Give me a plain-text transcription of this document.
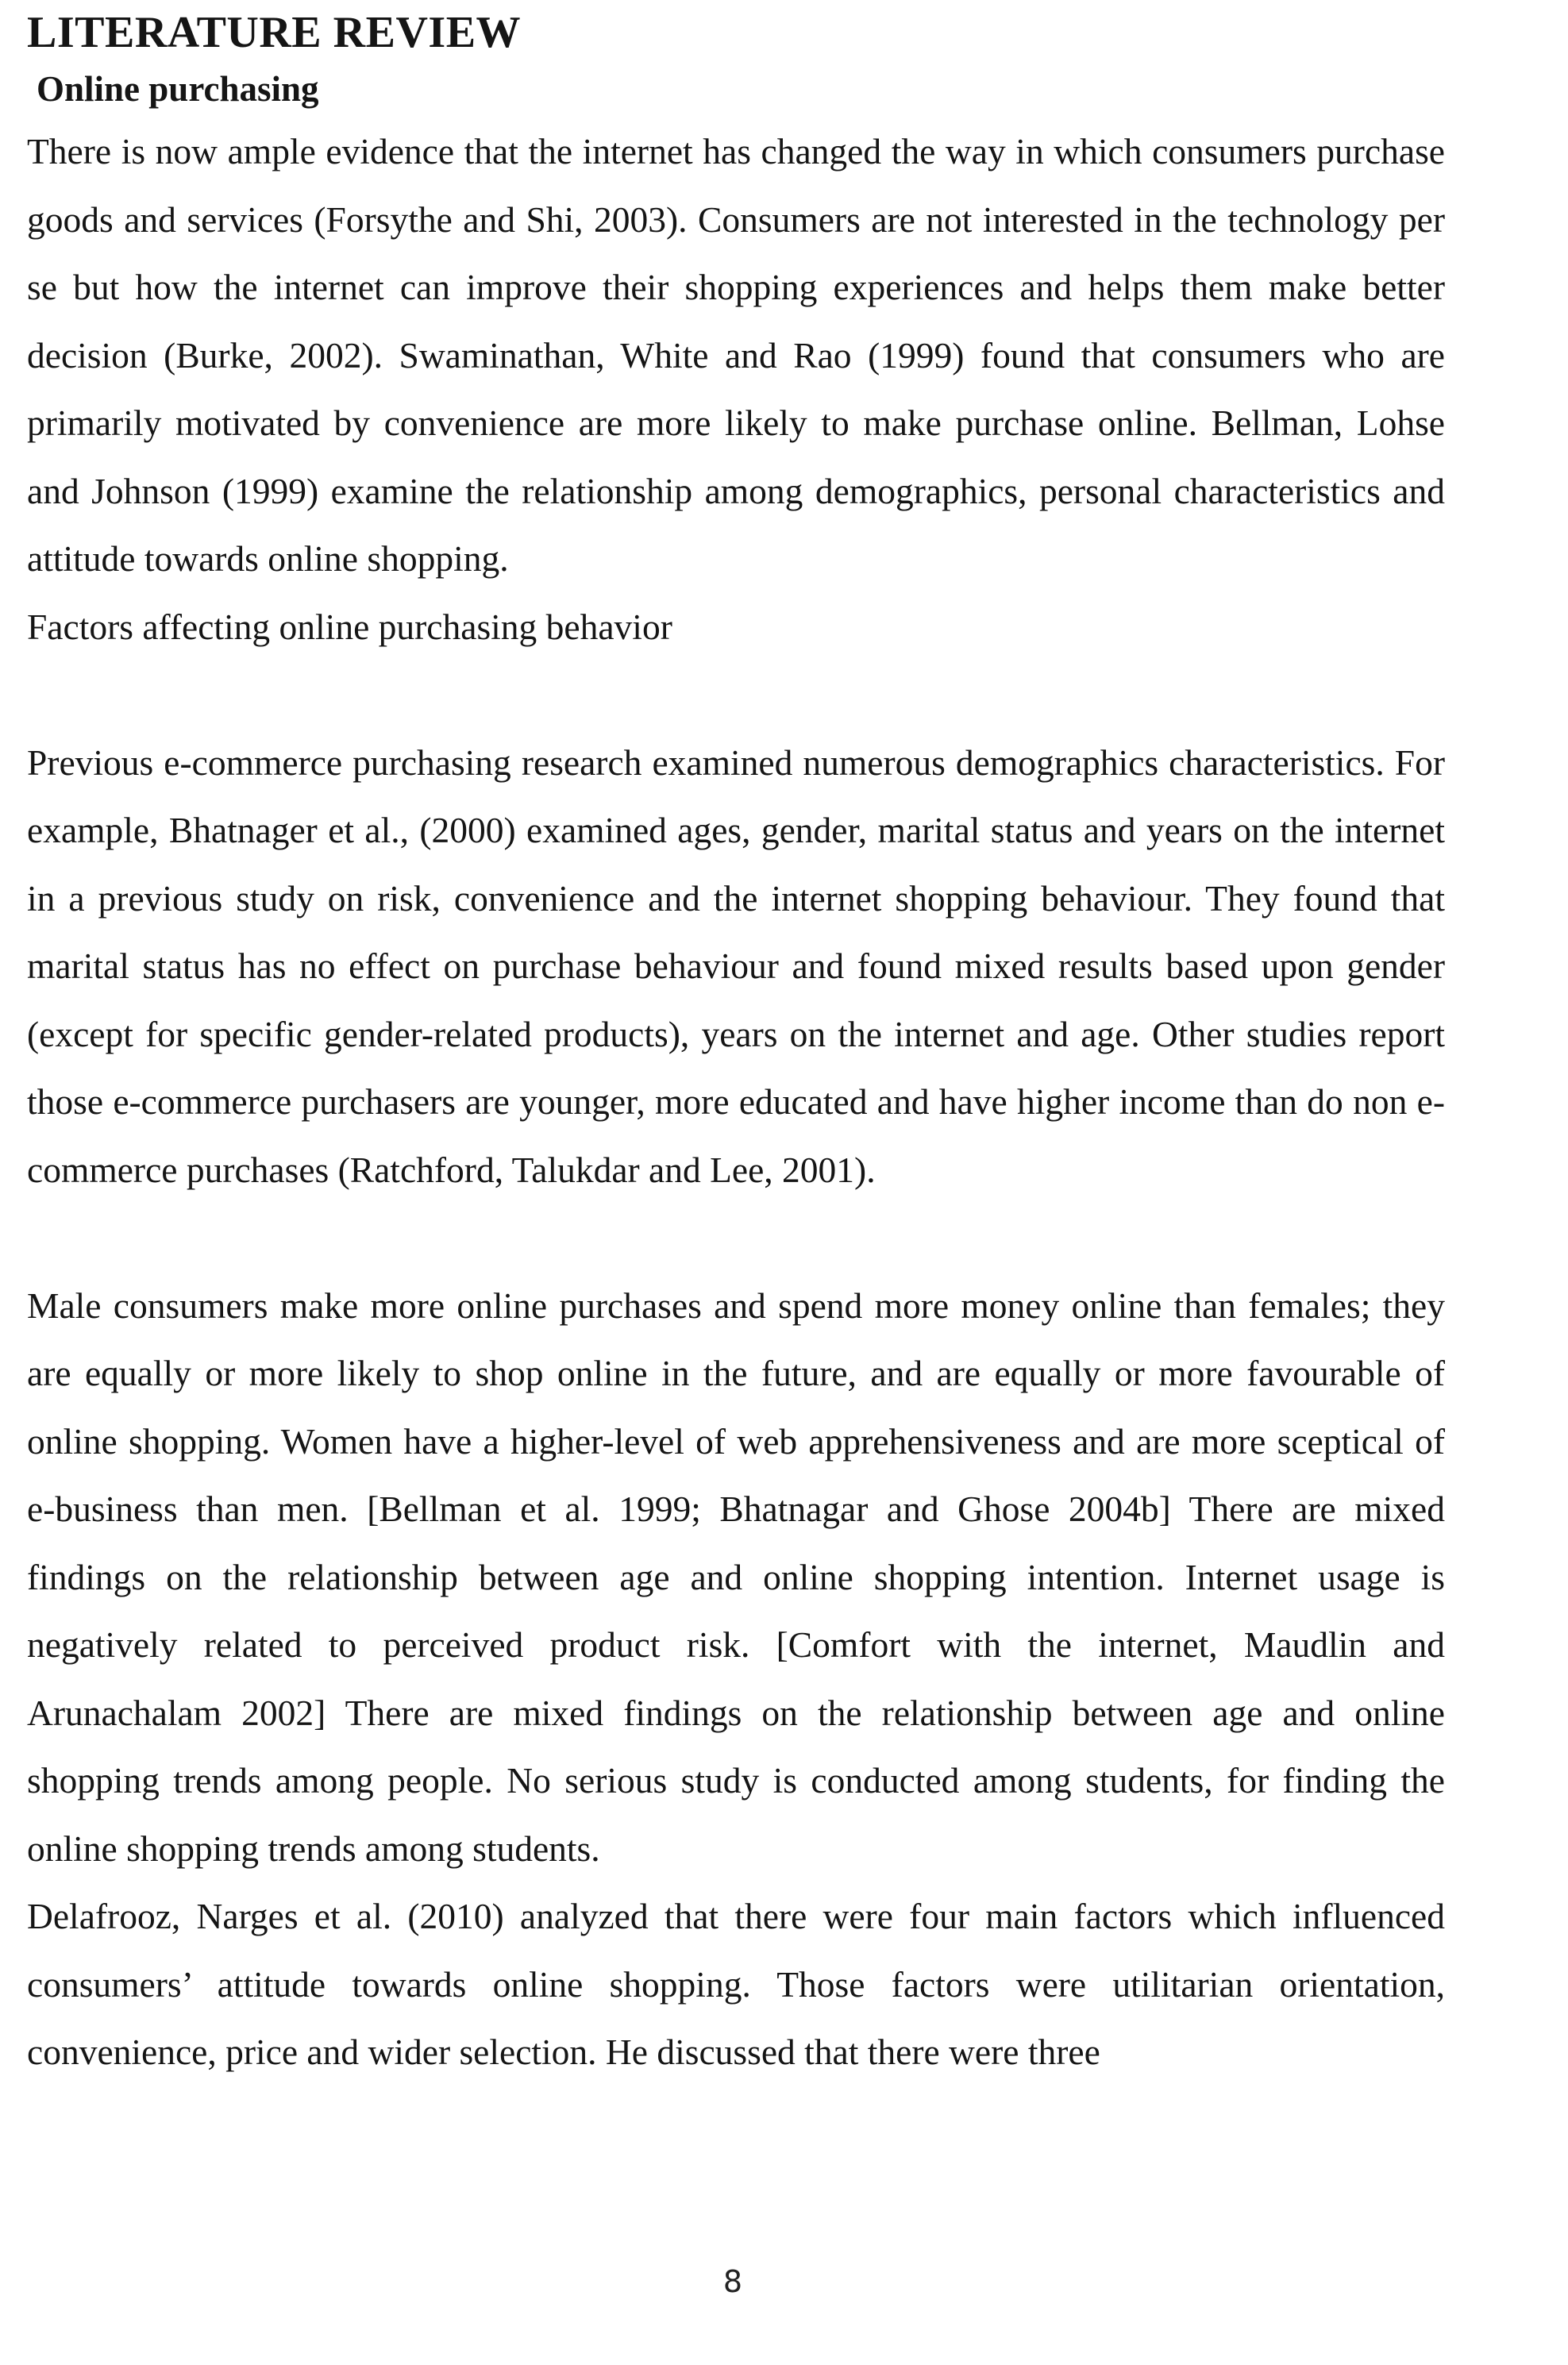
LITERATURE REVIEW
Online purchasing

There is now ample evidence that the internet has changed the way in which consumers purchase goods and services (Forsythe and Shi, 2003). Consumers are not interested in the technology per se but how the internet can improve their shopping experiences and helps them make better decision (Burke, 2002). Swaminathan, White and Rao (1999) found that consumers who are primarily motivated by convenience are more likely to make purchase online. Bellman, Lohse and Johnson (1999) examine the relationship among demographics, personal characteristics and attitude towards online shopping.

Factors affecting online purchasing behavior

Previous e-commerce purchasing research examined numerous demographics characteristics. For example, Bhatnager et al., (2000) examined ages, gender, marital status and years on the internet in a previous study on risk, convenience and the internet shopping behaviour. They found that marital status has no effect on purchase behaviour and found mixed results based upon gender (except for specific gender-related products), years on the internet and age. Other studies report those e-commerce purchasers are younger, more educated and have higher income than do non e-commerce purchases (Ratchford, Talukdar and Lee, 2001).

Male consumers make more online purchases and spend more money online than females; they are equally or more likely to shop online in the future, and are equally or more favourable of online shopping. Women have a higher-level of web apprehensiveness and are more sceptical of e-business than men. [Bellman et al. 1999; Bhatnagar and Ghose 2004b] There are mixed findings on the relationship between age and online shopping intention. Internet usage is negatively related to perceived product risk. [Comfort with the internet, Maudlin and Arunachalam 2002] There are mixed findings on the relationship between age and online shopping trends among people. No serious study is conducted among students, for finding the online shopping trends among students.

Delafrooz, Narges et al. (2010) analyzed that there were four main factors which influenced consumers’ attitude towards online shopping. Those factors were utilitarian orientation, convenience, price and wider selection. He discussed that there were three

8
